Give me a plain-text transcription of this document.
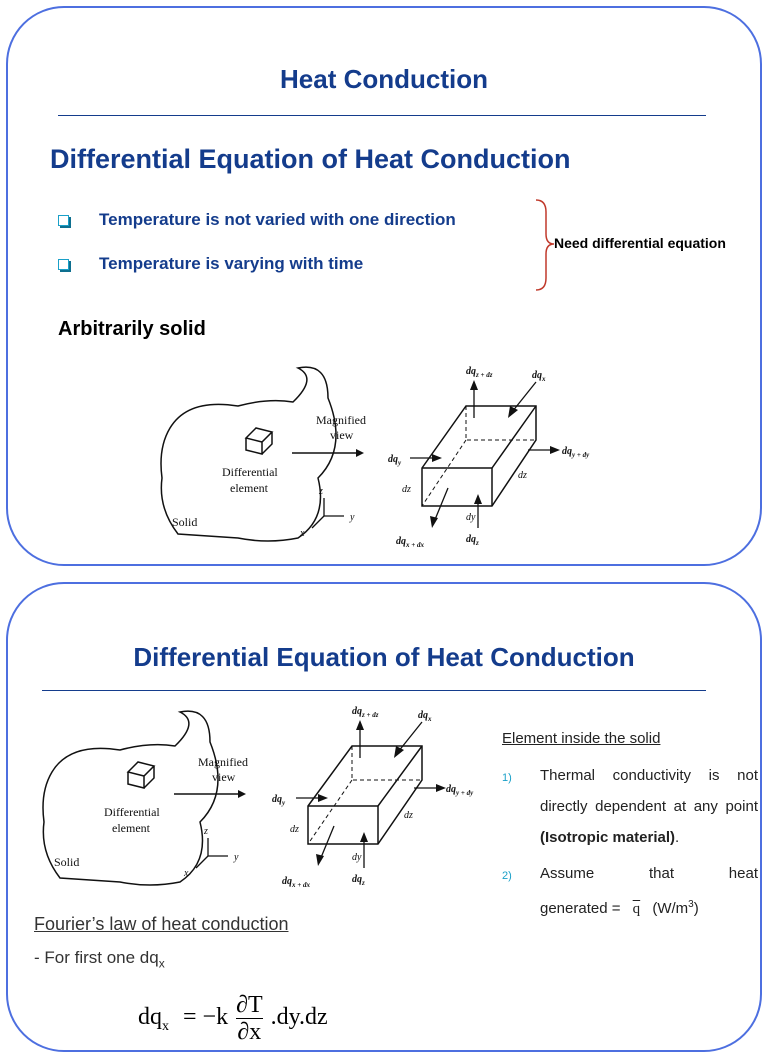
Heat Conduction
Differential Equation of Heat Conduction
Temperature is not varied with one direction
Temperature is varying with time
Need differential equation
Arbitrarily solid
Differential
element
Solid
Magnified
view
z
y
x
$dq_{z + dz}$	$dq_x$
$dq_y$
$dq_{y + dy}$
dz
dz
dy
$dq_{x + dx}$	$dq_z$
Differential Equation of Heat Conduction
Differential
element
Solid
Magnified
view
z
y
x
$dq_{z + dz}$	$dq_x$
$dq_y$
$dq_{y + dy}$
dz
dz
dy
$dq_{x + dx}$	$dq_z$
Element inside the solid
1) Thermal conductivity is not directly dependent at any point (Isotropic material).
2) Assume that heat
generated = $\overline{q}$ $(W/m^3)$
Fourier’s law of heat conduction
- For first one $dq_x$
$dq_x = -k \frac{\partial T}{\partial x} .dy.dz$
